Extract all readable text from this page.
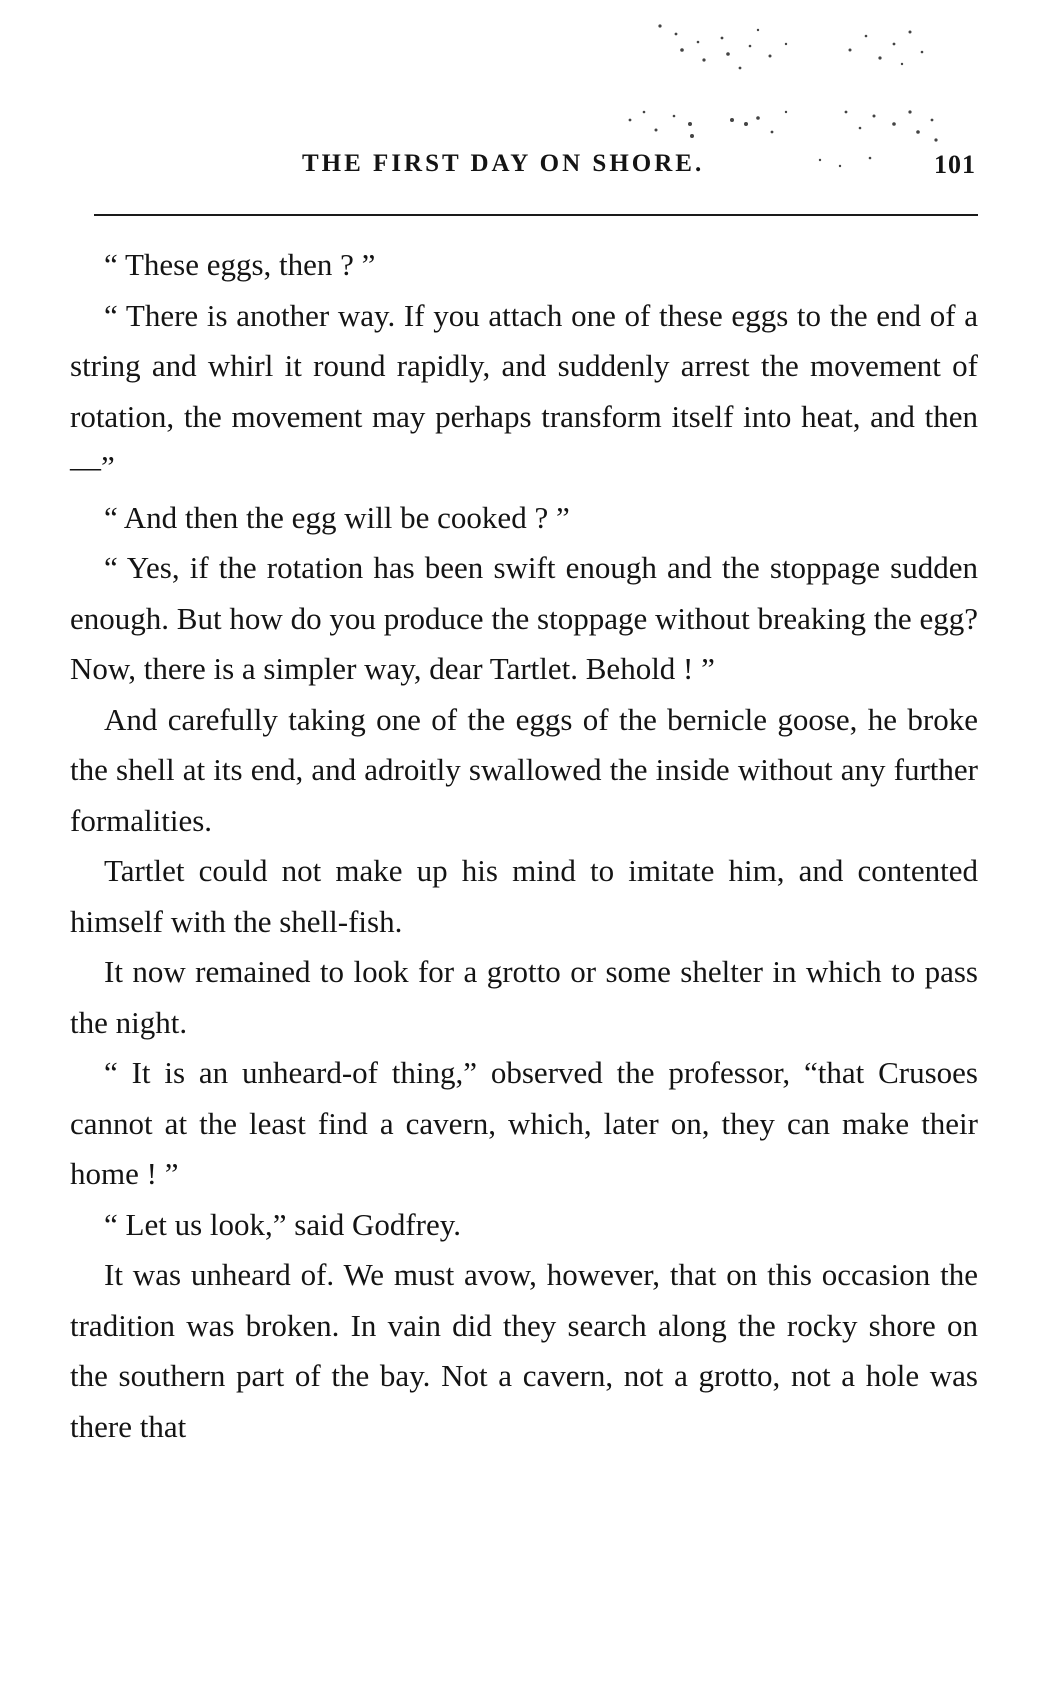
THE FIRST DAY ON SHORE.	101

“ These eggs, then ? ”

“ There is another way. If you attach one of these eggs to the end of a string and whirl it round rapidly, and suddenly arrest the movement of rotation, the movement may perhaps transform itself into heat, and then—”

“ And then the egg will be cooked ? ”

“ Yes, if the rotation has been swift enough and the stoppage sudden enough. But how do you produce the stoppage without breaking the egg? Now, there is a simpler way, dear Tartlet. Behold ! ”

And carefully taking one of the eggs of the bernicle goose, he broke the shell at its end, and adroitly swallowed the inside without any further formalities.

Tartlet could not make up his mind to imitate him, and contented himself with the shell-fish.

It now remained to look for a grotto or some shelter in which to pass the night.

“ It is an unheard-of thing,” observed the professor, “that Crusoes cannot at the least find a cavern, which, later on, they can make their home ! ”

“ Let us look,” said Godfrey.

It was unheard of. We must avow, however, that on this occasion the tradition was broken. In vain did they search along the rocky shore on the southern part of the bay. Not a cavern, not a grotto, not a hole was there that
